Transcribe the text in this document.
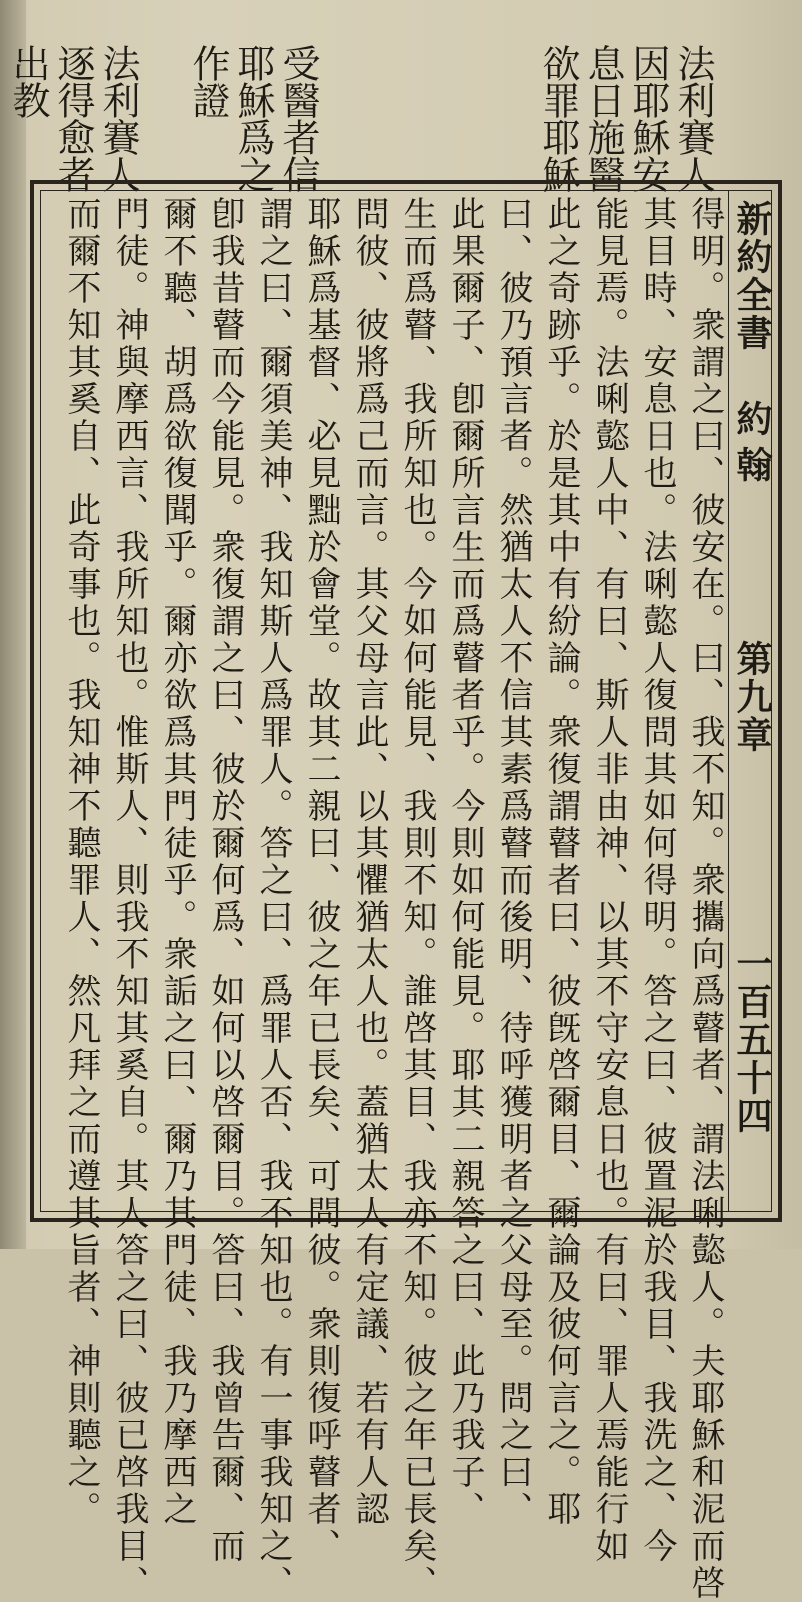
法利賽人
因耶穌安
息日施醫
欲罪耶穌
受醫者信
耶穌爲之
作證
法利賽人
逐得愈者
出教
新約全書
約翰
第九章
一百五十四
得明。衆謂之曰、彼安在。曰、我不知。衆攜向爲瞽者、謂法唎㦤人。夫耶穌和泥而啓
其目時、安息日也。法唎㦤人復問其如何得明。答之曰、彼置泥於我目、我洗之、今
能見焉。法唎㦤人中、有曰、斯人非由神、以其不守安息日也。有曰、罪人焉能行如
此之奇跡乎。於是其中有紛論。衆復謂瞽者曰、彼旣啓爾目、爾論及彼何言之。耶
曰、彼乃預言者。然猶太人不信其素爲瞽而後明、待呼獲明者之父母至。問之曰、
此果爾子、卽爾所言生而爲瞽者乎。今則如何能見。耶其二親答之曰、此乃我子、
生而爲瞽、我所知也。今如何能見、我則不知。誰啓其目、我亦不知。彼之年已長矣、
問彼、彼將爲己而言。其父母言此、以其懼猶太人也。蓋猶太人有定議、若有人認
耶穌爲基督、必見黜於會堂。故其二親曰、彼之年已長矣、可問彼。衆則復呼瞽者、
謂之曰、爾須美神、我知斯人爲罪人。答之曰、爲罪人否、我不知也。有一事我知之、
卽我昔瞽而今能見。衆復謂之曰、彼於爾何爲、如何以啓爾目。答曰、我曾告爾、而
爾不聽、胡爲欲復聞乎。爾亦欲爲其門徒乎。衆詬之曰、爾乃其門徒、我乃摩西之
門徒。神與摩西言、我所知也。惟斯人、則我不知其奚自。其人答之曰、彼已啓我目、
而爾不知其奚自、此奇事也。我知神不聽罪人、然凡拜之而遵其旨者、神則聽之。
